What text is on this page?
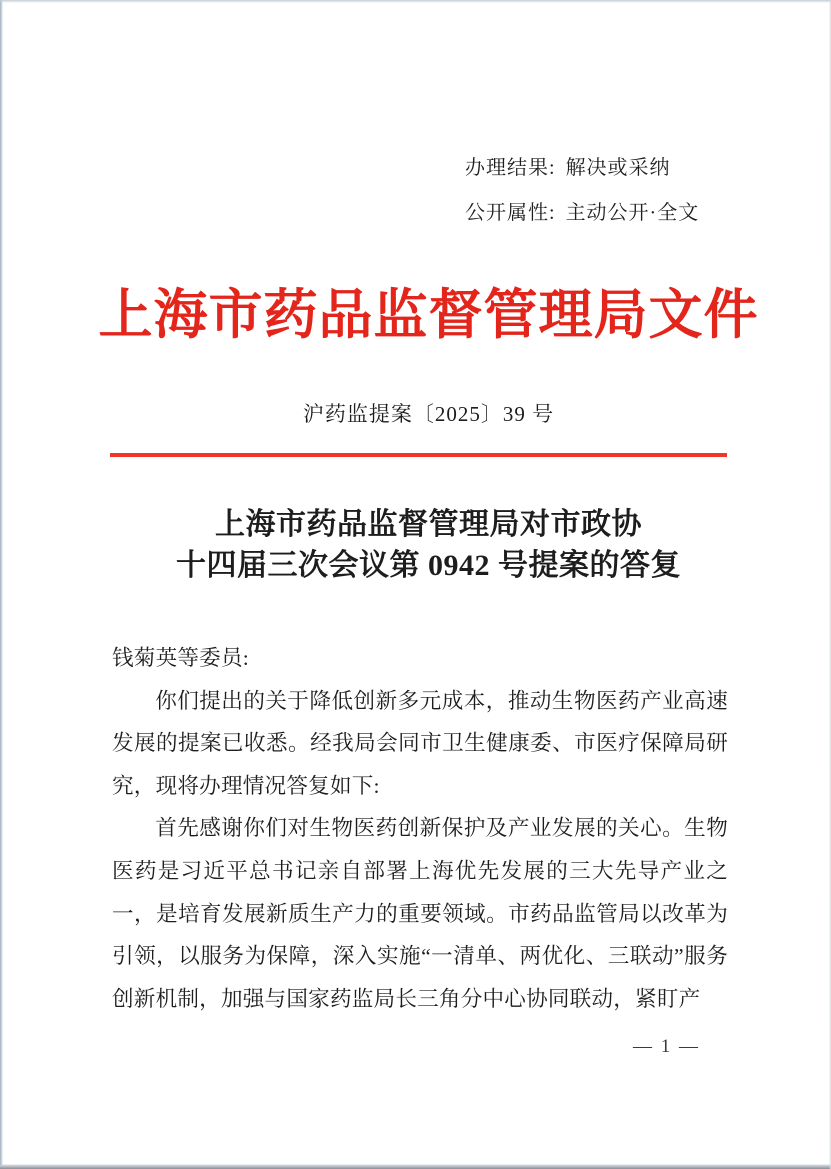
办理结果: 解决或采纳
公开属性: 主动公开·全文
上海市药品监督管理局文件
沪药监提案〔2025〕39 号
上海市药品监督管理局对市政协
十四届三次会议第 0942 号提案的答复

钱菊英等委员:

你们提出的关于降低创新多元成本，推动生物医药产业高速发展的提案已收悉。经我局会同市卫生健康委、市医疗保障局研究，现将办理情况答复如下:

首先感谢你们对生物医药创新保护及产业发展的关心。生物医药是习近平总书记亲自部署上海优先发展的三大先导产业之一，是培育发展新质生产力的重要领域。市药品监管局以改革为引领，以服务为保障，深入实施“一清单、两优化、三联动”服务创新机制，加强与国家药监局长三角分中心协同联动，紧盯产

— 1 —
